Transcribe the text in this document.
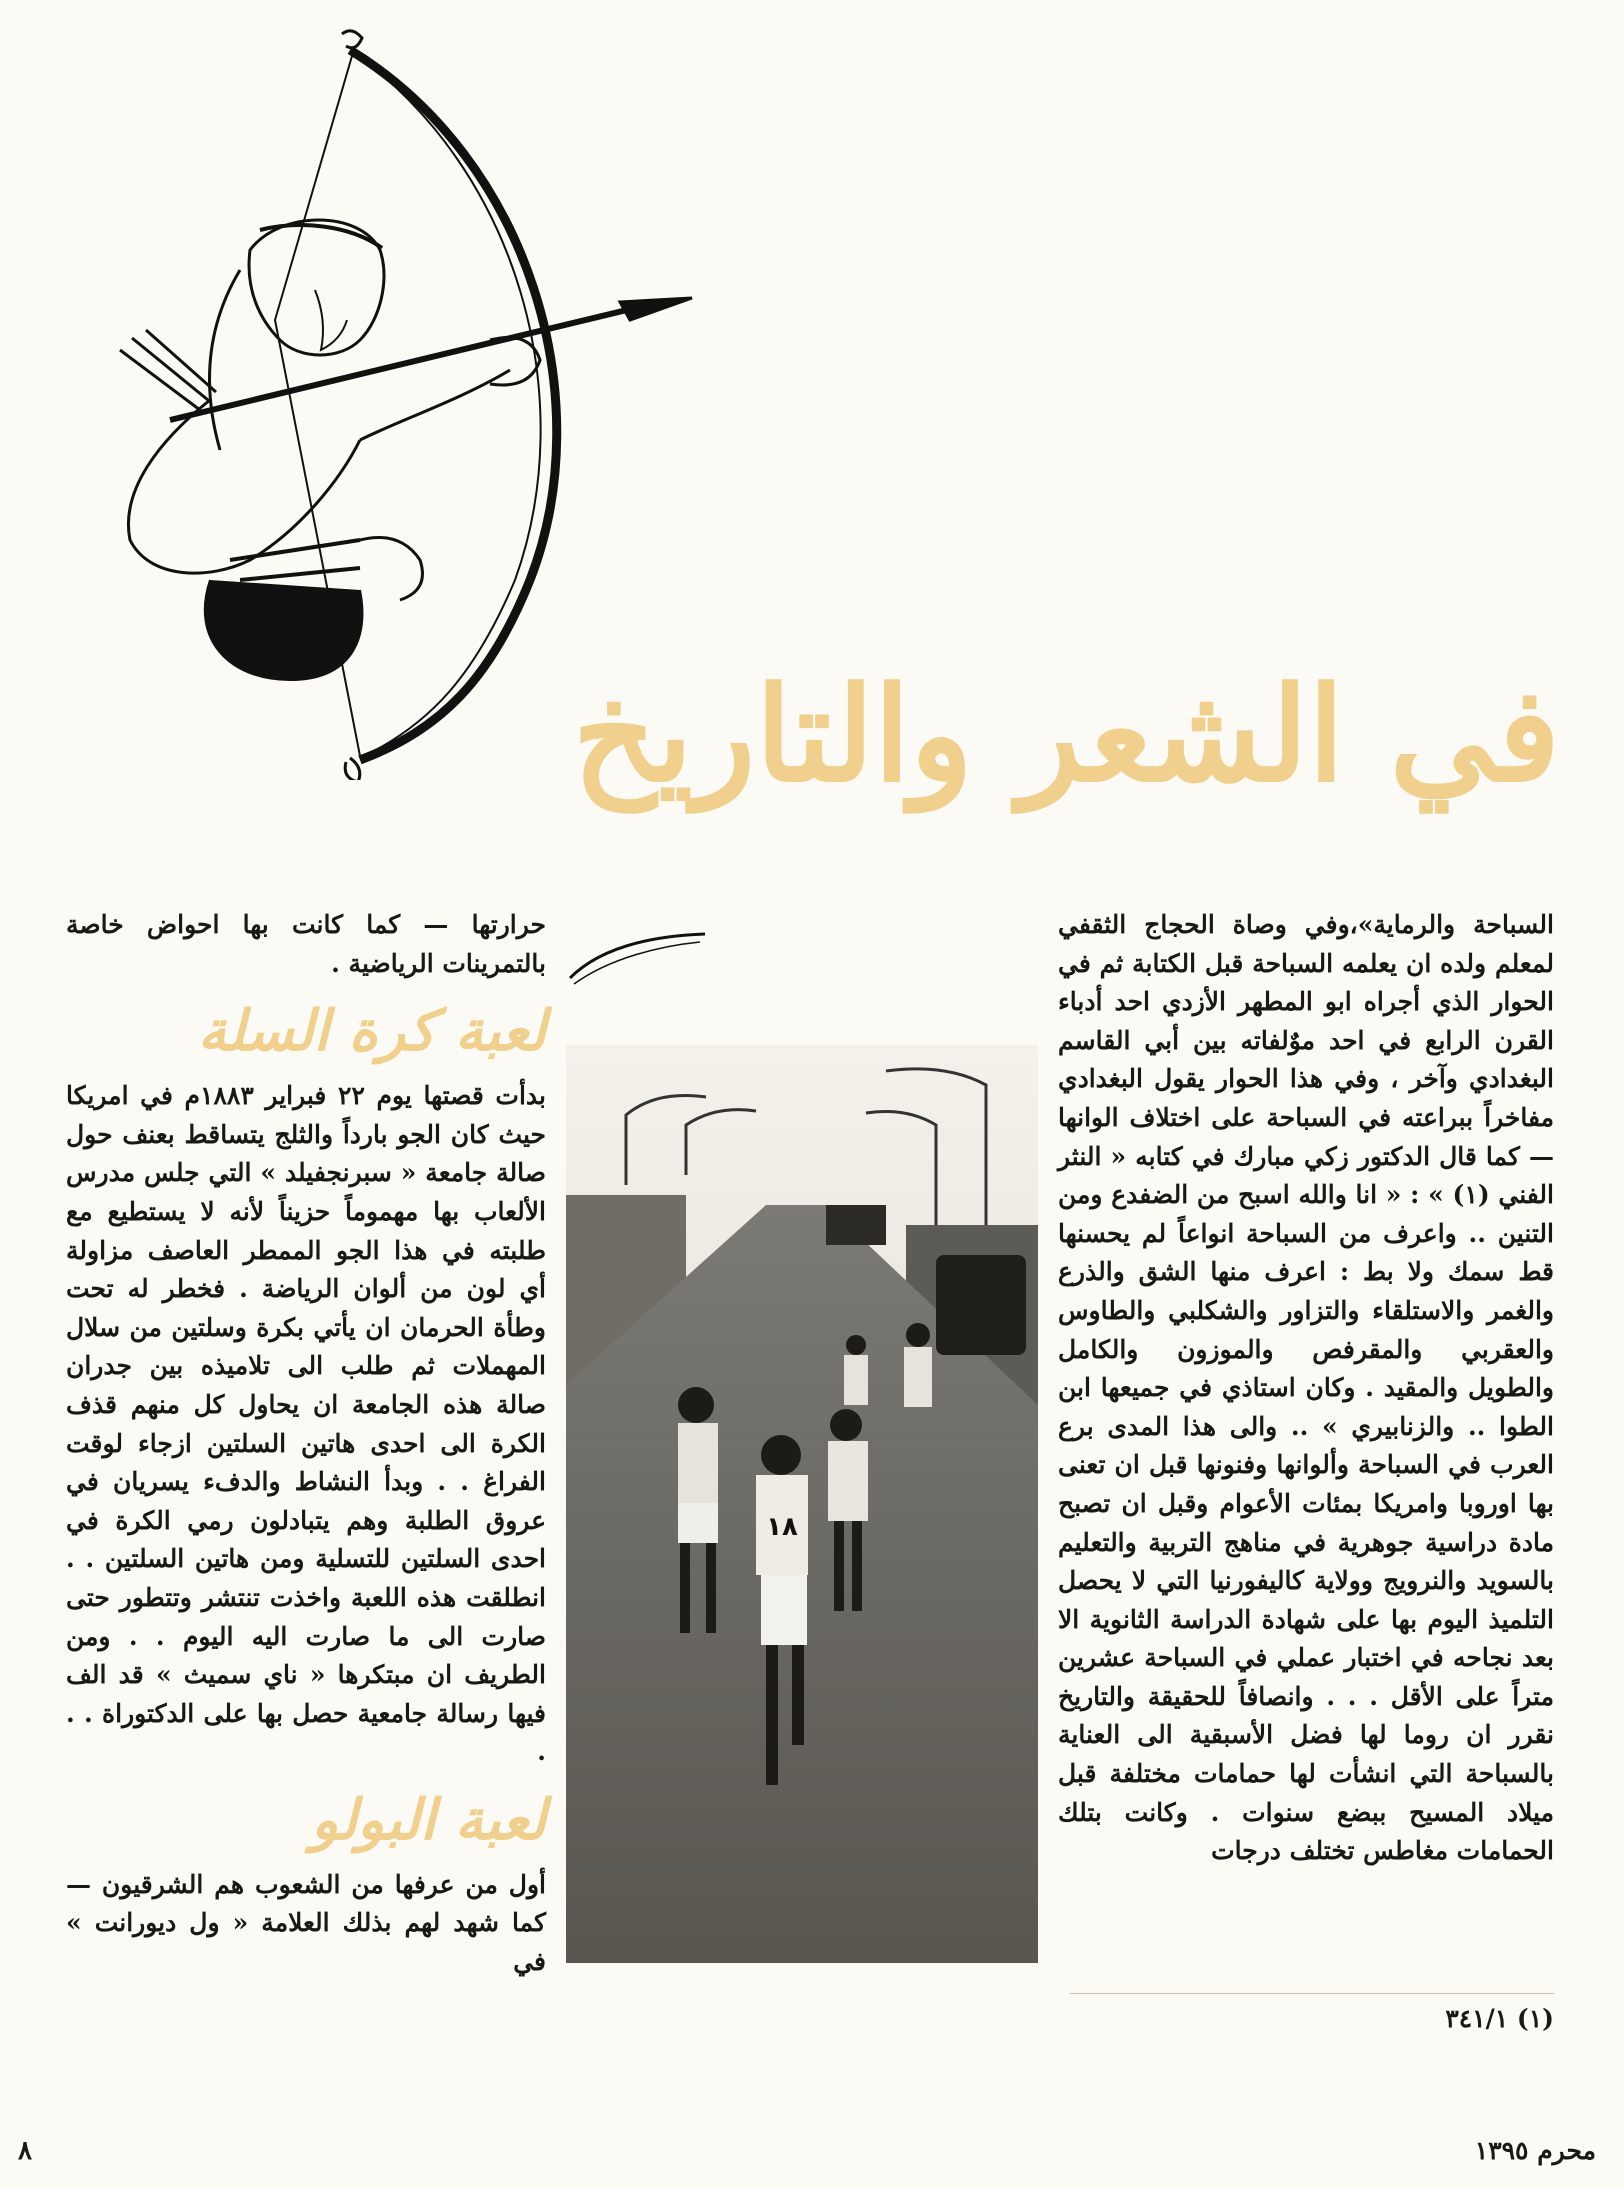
في الشعر والتاريخ

السباحة والرماية»،وفي وصاة الحجاج الثقفي لمعلم ولده ان يعلمه السباحة قبل الكتابة ثم في الحوار الذي أجراه ابو المطهر الأزدي احد أدباء القرن الرابع في احد موٌلفاته بين أبي القاسم البغدادي وآخر ، وفي هذا الحوار يقول البغدادي مفاخراً ببراعته في السباحة على اختلاف الوانها — كما قال الدكتور زكي مبارك في كتابه « النثر الفني (١) » : « انا والله اسبح من الضفدع ومن التنين .. واعرف من السباحة انواعاً لم يحسنها قط سمك ولا بط : اعرف منها الشق والذرع والغمر والاستلقاء والتزاور والشكلبي والطاوس والعقربي والمقرفص والموزون والكامل والطويل والمقيد . وكان استاذي في جميعها ابن الطوا .. والزنابيري » .. والى هذا المدى برع العرب في السباحة وألوانها وفنونها قبل ان تعنى بها اوروبا وامريكا بمئات الأعوام وقبل ان تصبح مادة دراسية جوهرية في مناهج التربية والتعليم بالسويد والنرويج وولاية كاليفورنيا التي لا يحصل التلميذ اليوم بها على شهادة الدراسة الثانوية الا بعد نجاحه في اختبار عملي في السباحة عشرين متراً على الأقل . . . وانصافاً للحقيقة والتاريخ نقرر ان روما لها فضل الأسبقية الى العناية بالسباحة التي انشأت لها حمامات مختلفة قبل ميلاد المسيح ببضع سنوات . وكانت بتلك الحمامات مغاطس تختلف درجات

١٨

حرارتها — كما كانت بها احواض خاصة بالتمرينات الرياضية .

لعبة كرة السلة

بدأت قصتها يوم ٢٢ فبراير ١٨٨٣م في امريكا حيث كان الجو بارداً والثلج يتساقط بعنف حول صالة جامعة « سبرنجفيلد » التي جلس مدرس الألعاب بها مهموماً حزيناً لأنه لا يستطيع مع طلبته في هذا الجو الممطر العاصف مزاولة أي لون من ألوان الرياضة . فخطر له تحت وطأة الحرمان ان يأتي بكرة وسلتين من سلال المهملات ثم طلب الى تلاميذه بين جدران صالة هذه الجامعة ان يحاول كل منهم قذف الكرة الى احدى هاتين السلتين ازجاء لوقت الفراغ . . وبدأ النشاط والدفء يسريان في عروق الطلبة وهم يتبادلون رمي الكرة في احدى السلتين للتسلية ومن هاتين السلتين . . انطلقت هذه اللعبة واخذت تنتشر وتتطور حتى صارت الى ما صارت اليه اليوم . . ومن الطريف ان مبتكرها « ناي سميث » قد الف فيها رسالة جامعية حصل بها على الدكتوراة . . .

لعبة البولو

أول من عرفها من الشعوب هم الشرقيون — كما شهد لهم بذلك العلامة « ول ديورانت » في

(١) ٣٤١/١
٨	محرم ١٣٩٥
